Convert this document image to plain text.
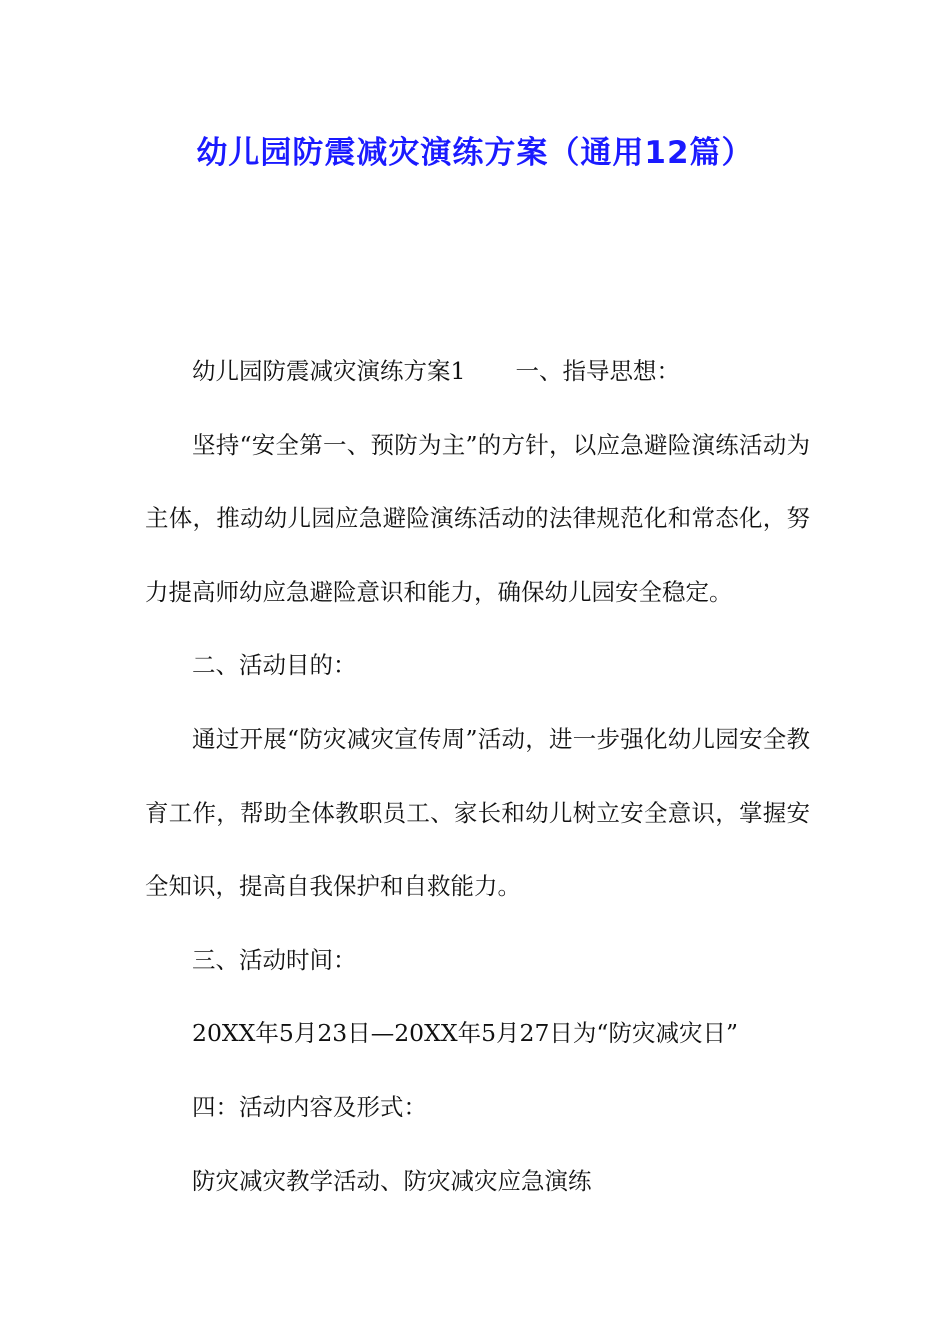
幼儿园防震减灾演练方案（通用12篇）

幼儿园防震减灾演练方案1 一、指导思想：

坚持“安全第一、预防为主”的方针，以应急避险演练活动为主体，推动幼儿园应急避险演练活动的法律规范化和常态化，努力提高师幼应急避险意识和能力，确保幼儿园安全稳定。

二、活动目的：

通过开展“防灾减灾宣传周”活动，进一步强化幼儿园安全教育工作，帮助全体教职员工、家长和幼儿树立安全意识，掌握安全知识，提高自我保护和自救能力。

三、活动时间：

20XX年5月23日—20XX年5月27日为“防灾减灾日”

四：活动内容及形式：

防灾减灾教学活动、防灾减灾应急演练
